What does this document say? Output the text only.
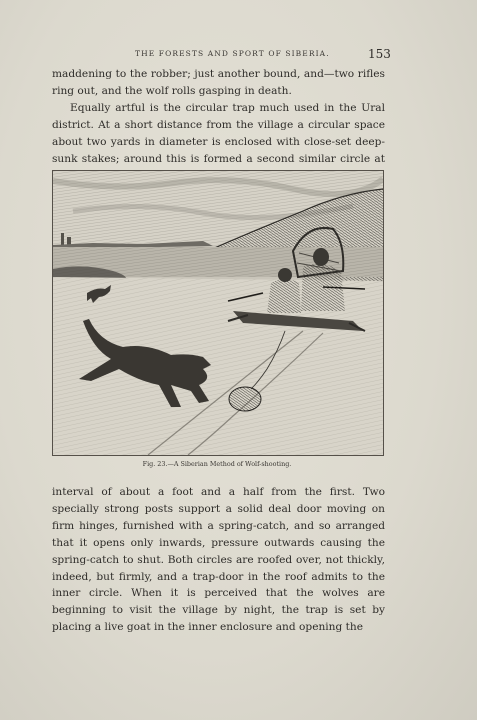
THE FORESTS AND SPORT OF SIBERIA.	153

maddening to the robber; just another bound, and—two rifles ring out, and the wolf rolls gasping in death.

Equally artful is the circular trap much used in the Ural district. At a short distance from the village a circular space about two yards in diameter is enclosed with close-set deep-sunk stakes; around this is formed a second similar circle at

Fig. 23.—A Siberian Method of Wolf-shooting.

interval of about a foot and a half from the first. Two specially strong posts support a solid deal door moving on firm hinges, furnished with a spring-catch, and so arranged that it opens only inwards, pressure outwards causing the spring-catch to shut. Both circles are roofed over, not thickly, indeed, but firmly, and a trap-door in the roof admits to the inner circle. When it is perceived that the wolves are beginning to visit the village by night, the trap is set by placing a live goat in the inner enclosure and opening the
